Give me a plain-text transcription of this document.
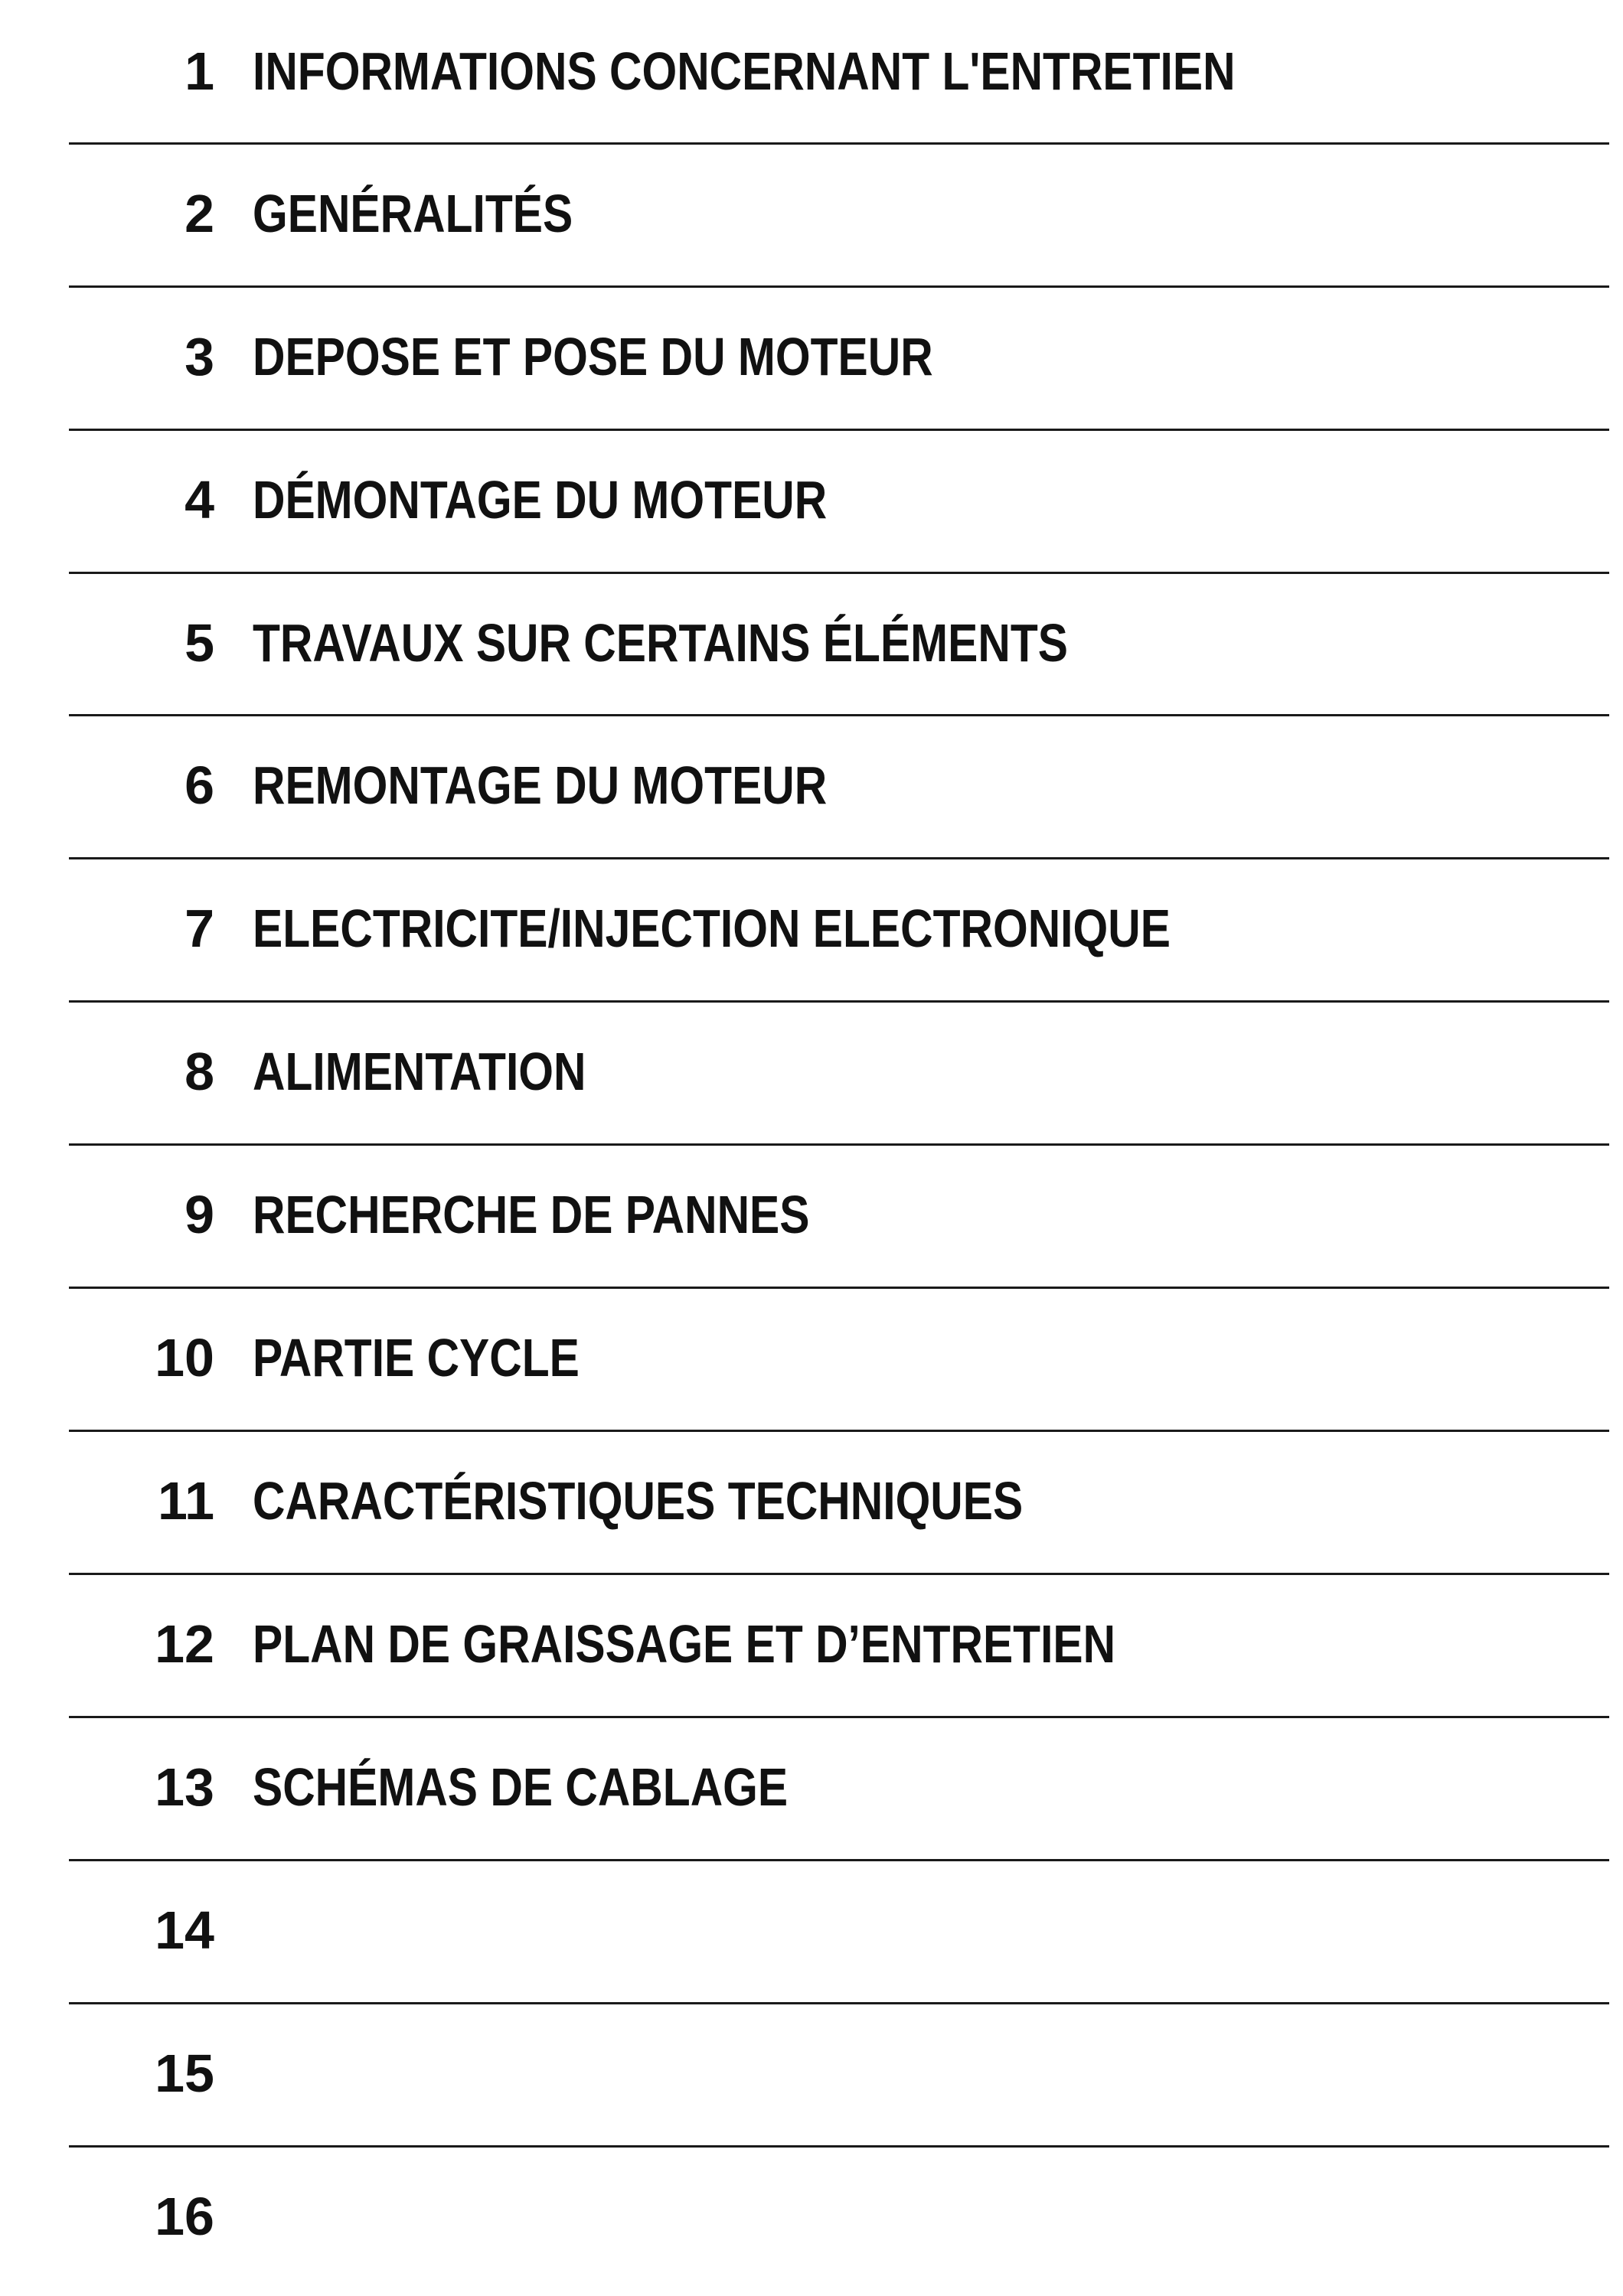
1 INFORMATIONS CONCERNANT L'ENTRETIEN
2 GENÉRALITÉS
3 DEPOSE ET POSE DU MOTEUR
4 DÉMONTAGE DU MOTEUR
5 TRAVAUX SUR CERTAINS ÉLÉMENTS
6 REMONTAGE DU MOTEUR
7 ELECTRICITE/INJECTION ELECTRONIQUE
8 ALIMENTATION
9 RECHERCHE DE PANNES
10 PARTIE CYCLE
11 CARACTÉRISTIQUES TECHNIQUES
12 PLAN DE GRAISSAGE ET D’ENTRETIEN
13 SCHÉMAS DE CABLAGE
14
15
16
